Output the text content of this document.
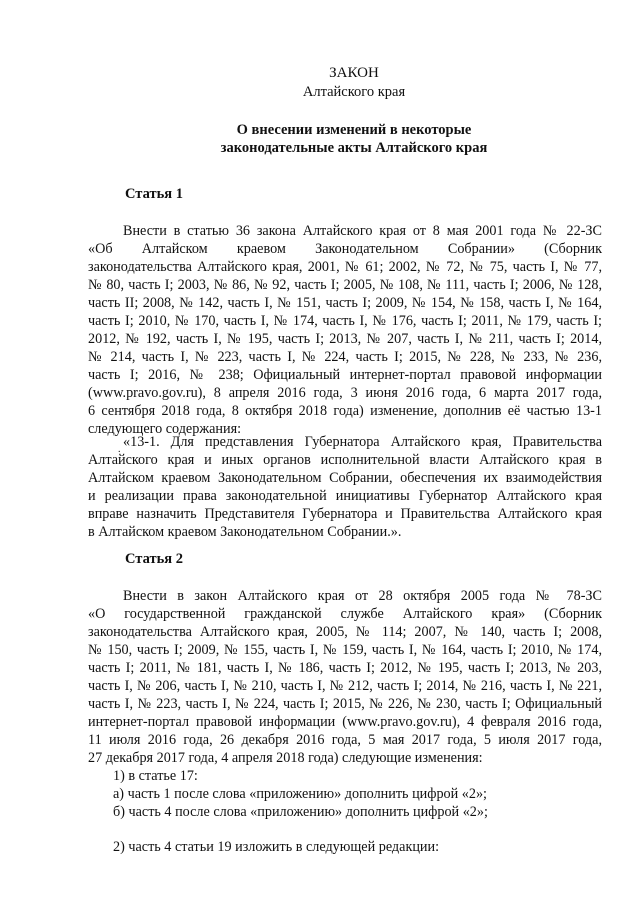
ЗАКОН
Алтайского края
О внесении изменений в некоторые
законодательные акты Алтайского края
Статья 1
Внести в статью 36 закона Алтайского края от 8 мая 2001 года № 22-ЗС
«Об Алтайском краевом Законодательном Собрании» (Сборник
законодательства Алтайского края, 2001, № 61; 2002, № 72, № 75, часть I, № 77,
№ 80, часть I; 2003, № 86, № 92, часть I; 2005, № 108, № 111, часть I; 2006, № 128,
часть II; 2008, № 142, часть I, № 151, часть I; 2009, № 154, № 158, часть I, № 164,
часть I; 2010, № 170, часть I, № 174, часть I, № 176, часть I; 2011, № 179, часть I;
2012, № 192, часть I, № 195, часть I; 2013, № 207, часть I, № 211, часть I; 2014,
№ 214, часть I, № 223, часть I, № 224, часть I; 2015, № 228, № 233, № 236,
часть I; 2016, № 238; Официальный интернет-портал правовой информации
(www.pravo.gov.ru), 8 апреля 2016 года, 3 июня 2016 года, 6 марта 2017 года,
6 сентября 2018 года, 8 октября 2018 года) изменение, дополнив её частью 13-1
следующего содержания:
. «13-1. Для представления Губернатора Алтайского края, Правительства
Алтайского края и иных органов исполнительной власти Алтайского края в
Алтайском краевом Законодательном Собрании, обеспечения их взаимодействия
и реализации права законодательной инициативы Губернатор Алтайского края
вправе назначить Представителя Губернатора и Правительства Алтайского края
в Алтайском краевом Законодательном Собрании.».
Статья 2
Внести в закон Алтайского края от 28 октября 2005 года № 78-ЗС
«О государственной гражданской службе Алтайского края» (Сборник
законодательства Алтайского края, 2005, № 114; 2007, № 140, часть I; 2008,
№ 150, часть I; 2009, № 155, часть I, № 159, часть I, № 164, часть I; 2010, № 174,
часть I; 2011, № 181, часть I, № 186, часть I; 2012, № 195, часть I; 2013, № 203,
часть I, № 206, часть I, № 210, часть I, № 212, часть I; 2014, № 216, часть I, № 221,
часть I, № 223, часть I, № 224, часть I; 2015, № 226, № 230, часть I; Официальный
интернет-портал правовой информации (www.pravo.gov.ru), 4 февраля 2016 года,
11 июля 2016 года, 26 декабря 2016 года, 5 мая 2017 года, 5 июля 2017 года,
27 декабря 2017 года, 4 апреля 2018 года) следующие изменения:
1) в статье 17:
а) часть 1 после слова «приложению» дополнить цифрой «2»;
б) часть 4 после слова «приложению» дополнить цифрой «2»;
2) часть 4 статьи 19 изложить в следующей редакции:
